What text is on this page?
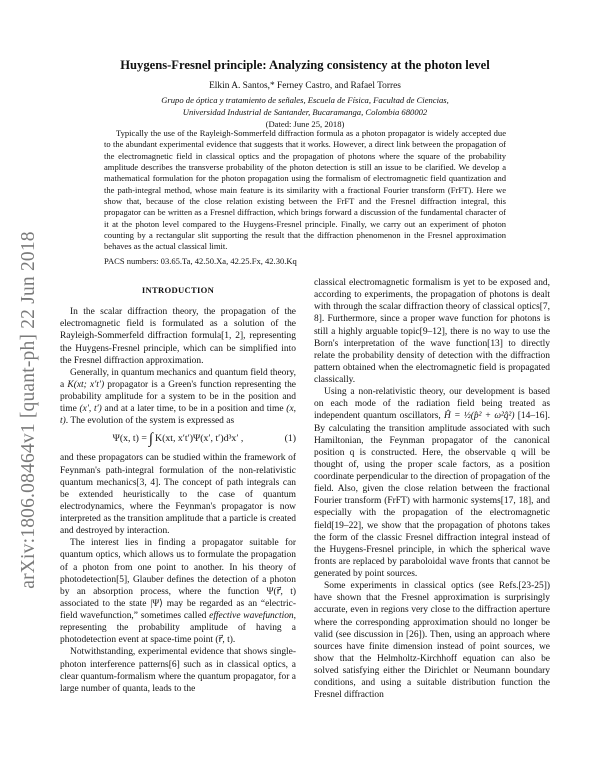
arXiv:1806.08464v1 [quant-ph] 22 Jun 2018
Huygens-Fresnel principle: Analyzing consistency at the photon level
Elkin A. Santos,* Ferney Castro, and Rafael Torres
Grupo de óptica y tratamiento de señales, Escuela de Física, Facultad de Ciencias,
Universidad Industrial de Santander, Bucaramanga, Colombia 680002
(Dated: June 25, 2018)

Typically the use of the Rayleigh-Sommerfeld diffraction formula as a photon propagator is widely accepted due to the abundant experimental evidence that suggests that it works. However, a direct link between the propagation of the electromagnetic field in classical optics and the propagation of photons where the square of the probability amplitude describes the transverse probability of the photon detection is still an issue to be clarified. We develop a mathematical formulation for the photon propagation using the formalism of electromagnetic field quantization and the path-integral method, whose main feature is its similarity with a fractional Fourier transform (FrFT). Here we show that, because of the close relation existing between the FrFT and the Fresnel diffraction integral, this propagator can be written as a Fresnel diffraction, which brings forward a discussion of the fundamental character of it at the photon level compared to the Huygens-Fresnel principle. Finally, we carry out an experiment of photon counting by a rectangular slit supporting the result that the diffraction phenomenon in the Fresnel approximation behaves as the actual classical limit.

PACS numbers: 03.65.Ta, 42.50.Xa, 42.25.Fx, 42.30.Kq
INTRODUCTION

In the scalar diffraction theory, the propagation of the electromagnetic field is formulated as a solution of the Rayleigh-Sommerfeld diffraction formula[1, 2], representing the Huygens-Fresnel principle, which can be simplified into the Fresnel diffraction approximation.

Generally, in quantum mechanics and quantum field theory, a K(xt; x′t′) propagator is a Green's function representing the probability amplitude for a system to be in the position and time (x′, t′) and at a later time, to be in a position and time (x, t). The evolution of the system is expressed as

Ψ(x, t) = ∫ K(xt, x′t′)Ψ(x′, t′)d³x′ ,	(1)

and these propagators can be studied within the framework of Feynman's path-integral formulation of the non-relativistic quantum mechanics[3, 4]. The concept of path integrals can be extended heuristically to the case of quantum electrodynamics, where the Feynman's propagator is now interpreted as the transition amplitude that a particle is created and destroyed by interaction.

The interest lies in finding a propagator suitable for quantum optics, which allows us to formulate the propagation of a photon from one point to another. In his theory of photodetection[5], Glauber defines the detection of a photon by an absorption process, where the function Ψ(r⃗, t) associated to the state |Ψ⟩ may be regarded as an “electric-field wavefunction,” sometimes called effective wavefunction, representing the probability amplitude of having a photodetection event at space-time point (r⃗, t).

Notwithstanding, experimental evidence that shows single-photon interference patterns[6] such as in classical optics, a clear quantum-formalism where the quantum propagator, for a large number of quanta, leads to the

classical electromagnetic formalism is yet to be exposed and, according to experiments, the propagation of photons is dealt with through the scalar diffraction theory of classical optics[7, 8]. Furthermore, since a proper wave function for photons is still a highly arguable topic[9–12], there is no way to use the Born's interpretation of the wave function[13] to directly relate the probability density of detection with the diffraction pattern obtained when the electromagnetic field is propagated classically.

Using a non-relativistic theory, our development is based on each mode of the radiation field being treated as independent quantum oscillators, Ĥ = ½(p̂² + ω²q̂²) [14–16]. By calculating the transition amplitude associated with such Hamiltonian, the Feynman propagator of the canonical position q is constructed. Here, the observable q will be thought of, using the proper scale factors, as a position coordinate perpendicular to the direction of propagation of the field. Also, given the close relation between the fractional Fourier transform (FrFT) with harmonic systems[17, 18], and especially with the propagation of the electromagnetic field[19–22], we show that the propagation of photons takes the form of the classic Fresnel diffraction integral instead of the Huygens-Fresnel principle, in which the spherical wave fronts are replaced by paraboloidal wave fronts that cannot be generated by point sources.

Some experiments in classical optics (see Refs.[23-25]) have shown that the Fresnel approximation is surprisingly accurate, even in regions very close to the diffraction aperture where the corresponding approximation should no longer be valid (see discussion in [26]). Then, using an approach where sources have finite dimension instead of point sources, we show that the Helmholtz-Kirchhoff equation can also be solved satisfying either the Dirichlet or Neumann boundary conditions, and using a suitable distribution function the Fresnel diffraction
